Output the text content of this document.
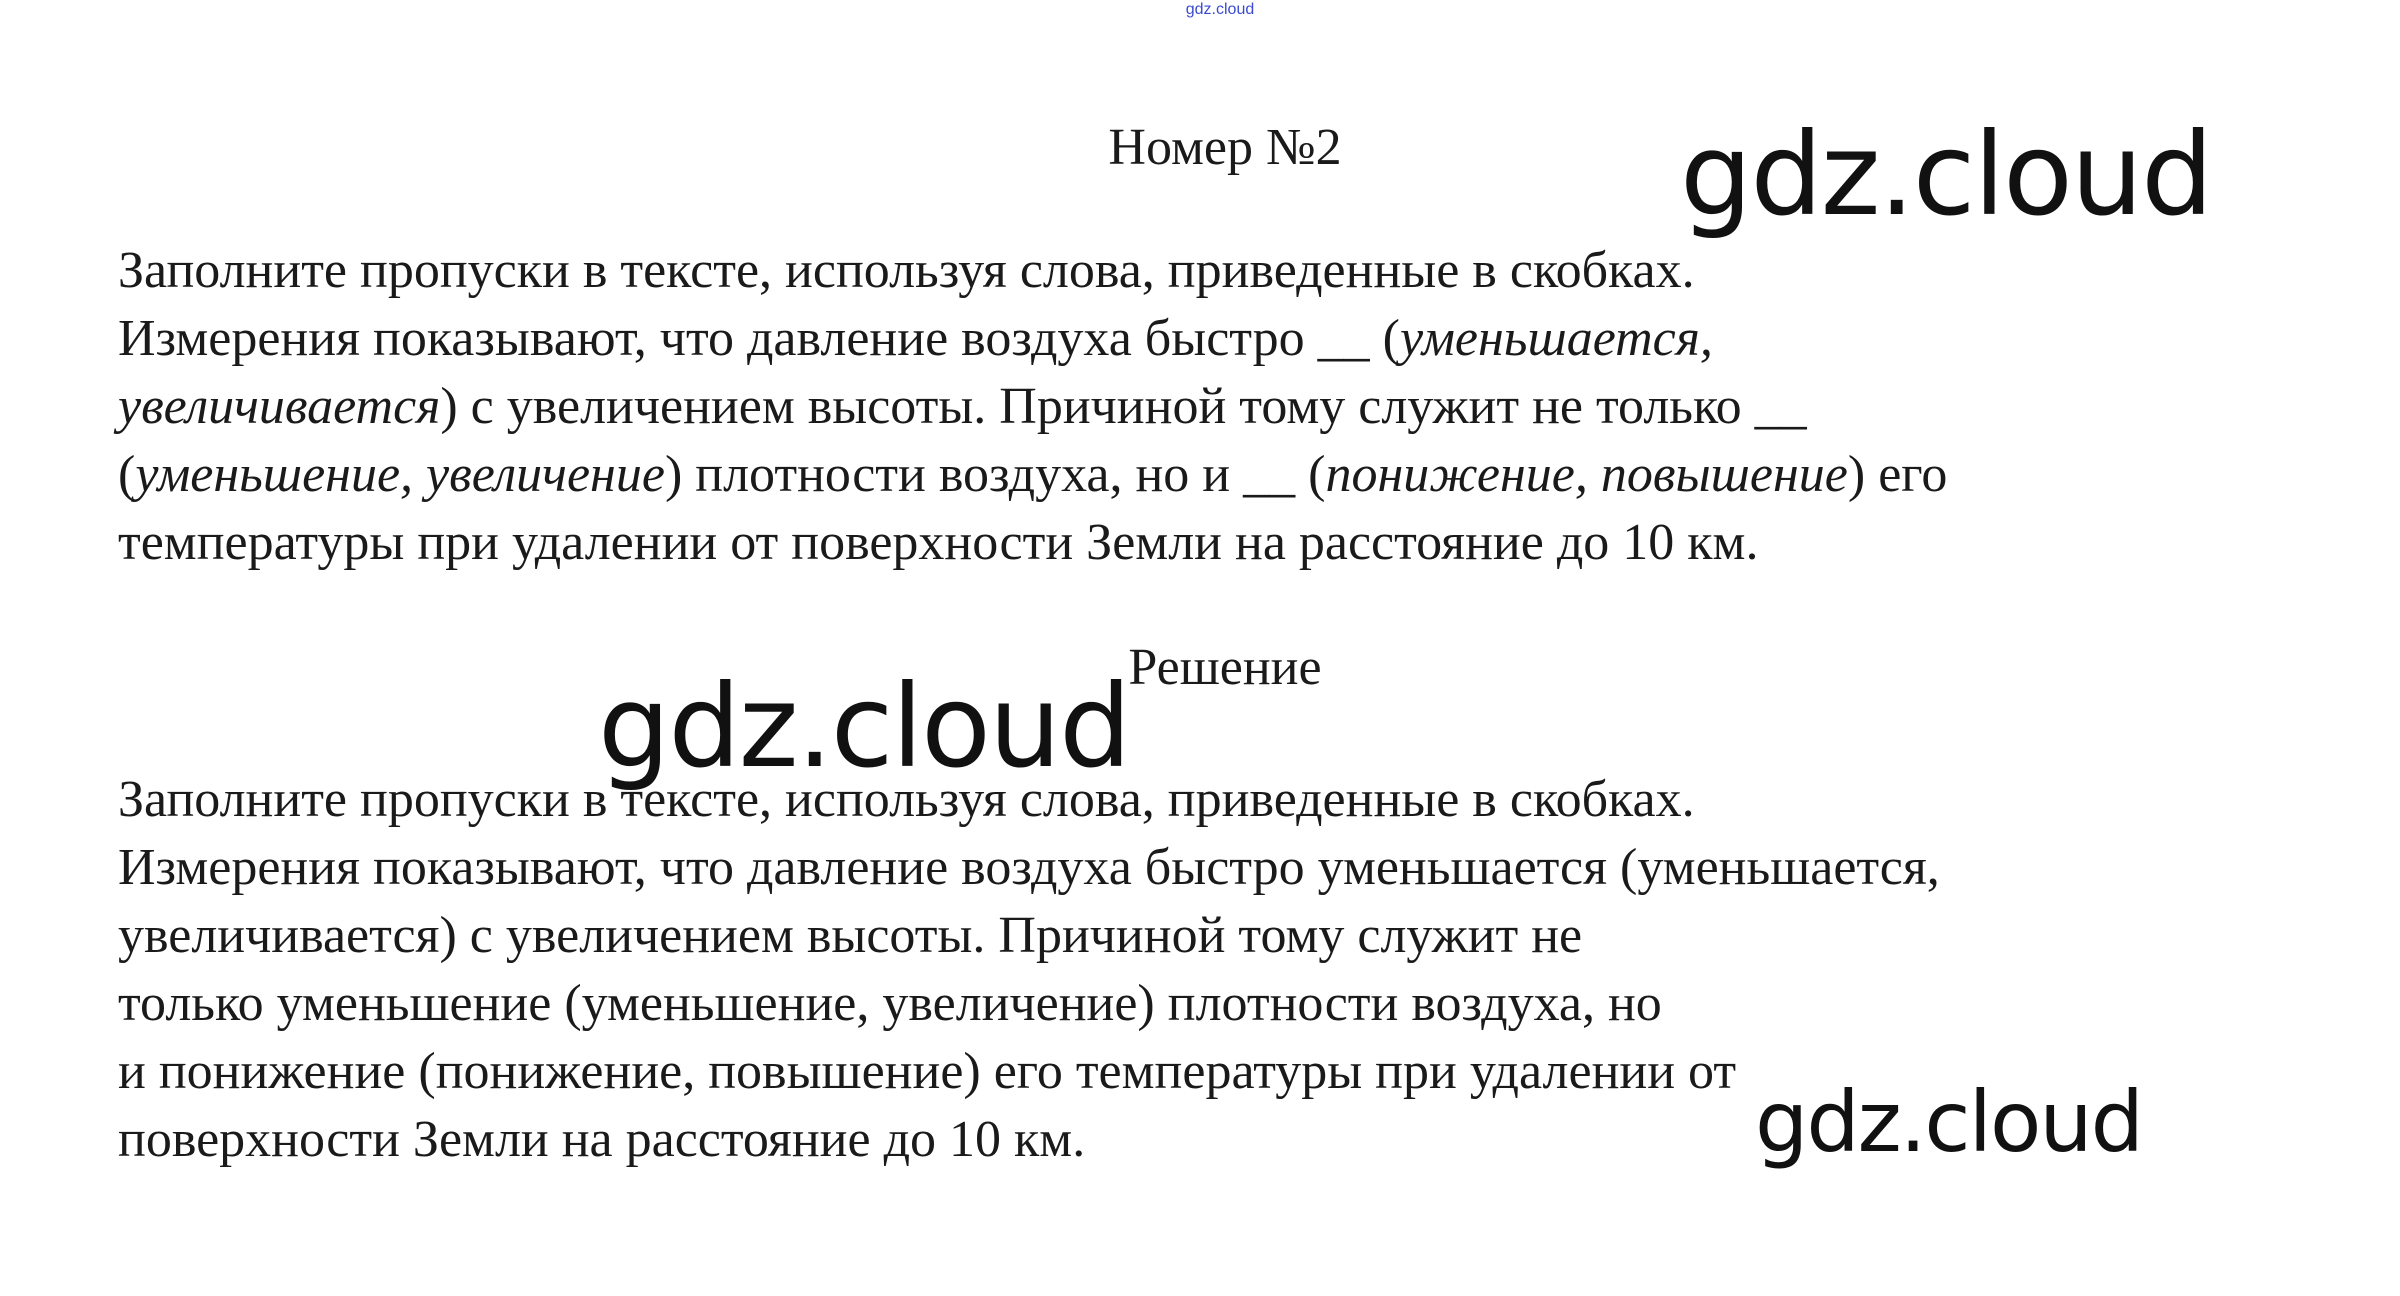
gdz.cloud
Номер №2
Заполните пропуски в тексте, используя слова, приведенные в скобках.
Измерения показывают, что давление воздуха быстро __ (уменьшается,
увеличивается) с увеличением высоты. Причиной тому служит не только __
(уменьшение, увеличение) плотности воздуха, но и __ (понижение, повышение) его
температуры при удалении от поверхности Земли на расстояние до 10 км.
Решение
Заполните пропуски в тексте, используя слова, приведенные в скобках.
Измерения показывают, что давление воздуха быстро уменьшается (уменьшается,
увеличивается) с увеличением высоты. Причиной тому служит не
только уменьшение (уменьшение, увеличение) плотности воздуха, но
и понижение (понижение, повышение) его температуры при удалении от
поверхности Земли на расстояние до 10 км.
gdz.cloud
gdz.cloud
gdz.cloud
